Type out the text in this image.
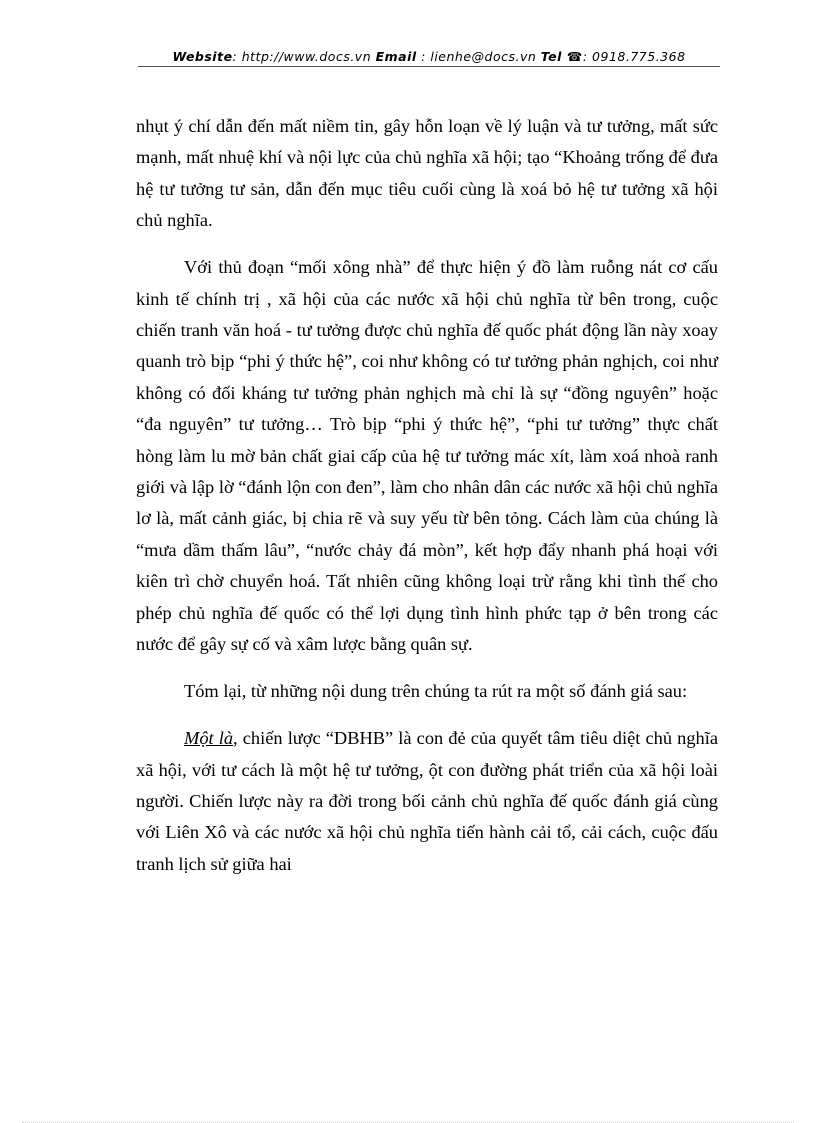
Website: http://www.docs.vn Email : lienhe@docs.vn Tel ☎: 0918.775.368

nhụt ý chí dẫn đến mất niềm tin, gây hỗn loạn về lý luận và tư tưởng, mất sức mạnh, mất nhuệ khí và nội lực của chủ nghĩa xã hội; tạo “Khoảng trống để đưa hệ tư tưởng tư sản, dẫn đến mục tiêu cuối cùng là xoá bỏ hệ tư tưởng xã hội chủ nghĩa.

Với thủ đoạn “mối xông nhà” để thực hiện ý đồ làm ruỗng nát cơ cấu kinh tế chính trị , xã hội của các nước xã hội chủ nghĩa từ bên trong, cuộc chiến tranh văn hoá - tư tưởng được chủ nghĩa đế quốc phát động lần này xoay quanh trò bịp “phi ý thức hệ”, coi như không có tư tưởng phản nghịch, coi như không có đối kháng tư tưởng phản nghịch mà chỉ là sự “đồng nguyên” hoặc “đa nguyên” tư tưởng… Trò bịp “phi ý thức hệ”, “phi tư tưởng” thực chất hòng làm lu mờ bản chất giai cấp của hệ tư tưởng mác xít, làm xoá nhoà ranh giới và lập lờ “đánh lộn con đen”, làm cho nhân dân các nước xã hội chủ nghĩa lơ là, mất cảnh giác, bị chia rẽ và suy yếu từ bên tỏng. Cách làm của chúng là “mưa dầm thấm lâu”, “nước chảy đá mòn”, kết hợp đẩy nhanh phá hoại với kiên trì chờ chuyển hoá. Tất nhiên cũng không loại trừ rằng khi tình thế cho phép chủ nghĩa đế quốc có thể lợi dụng tình hình phức tạp ở bên trong các nước để gây sự cố và xâm lược bằng quân sự.

Tóm lại, từ những nội dung trên chúng ta rút ra một số đánh giá sau:

Một là, chiến lược “DBHB” là con đẻ của quyết tâm tiêu diệt chủ nghĩa xã hội, với tư cách là một hệ tư tưởng, ột con đường phát triển của xã hội loài người. Chiến lược này ra đời trong bối cảnh chủ nghĩa đế quốc đánh giá cùng với Liên Xô và các nước xã hội chủ nghĩa tiến hành cải tổ, cải cách, cuộc đấu tranh lịch sử giữa hai
